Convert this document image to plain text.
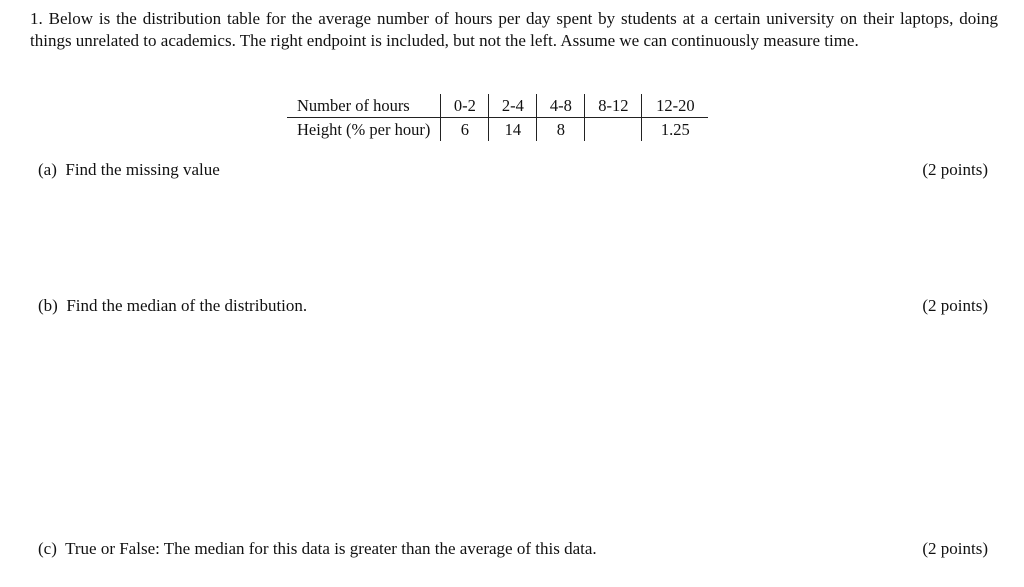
1. Below is the distribution table for the average number of hours per day spent by students at a certain university on their laptops, doing things unrelated to academics. The right endpoint is included, but not the left. Assume we can continuously measure time.
Number of hours	0-2	2-4	4-8	8-12	12-20
Height (% per hour)	6	14	8		1.25
(a) Find the missing value	(2 points)
(b) Find the median of the distribution.	(2 points)
(c) True or False: The median for this data is greater than the average of this data.	(2 points)
